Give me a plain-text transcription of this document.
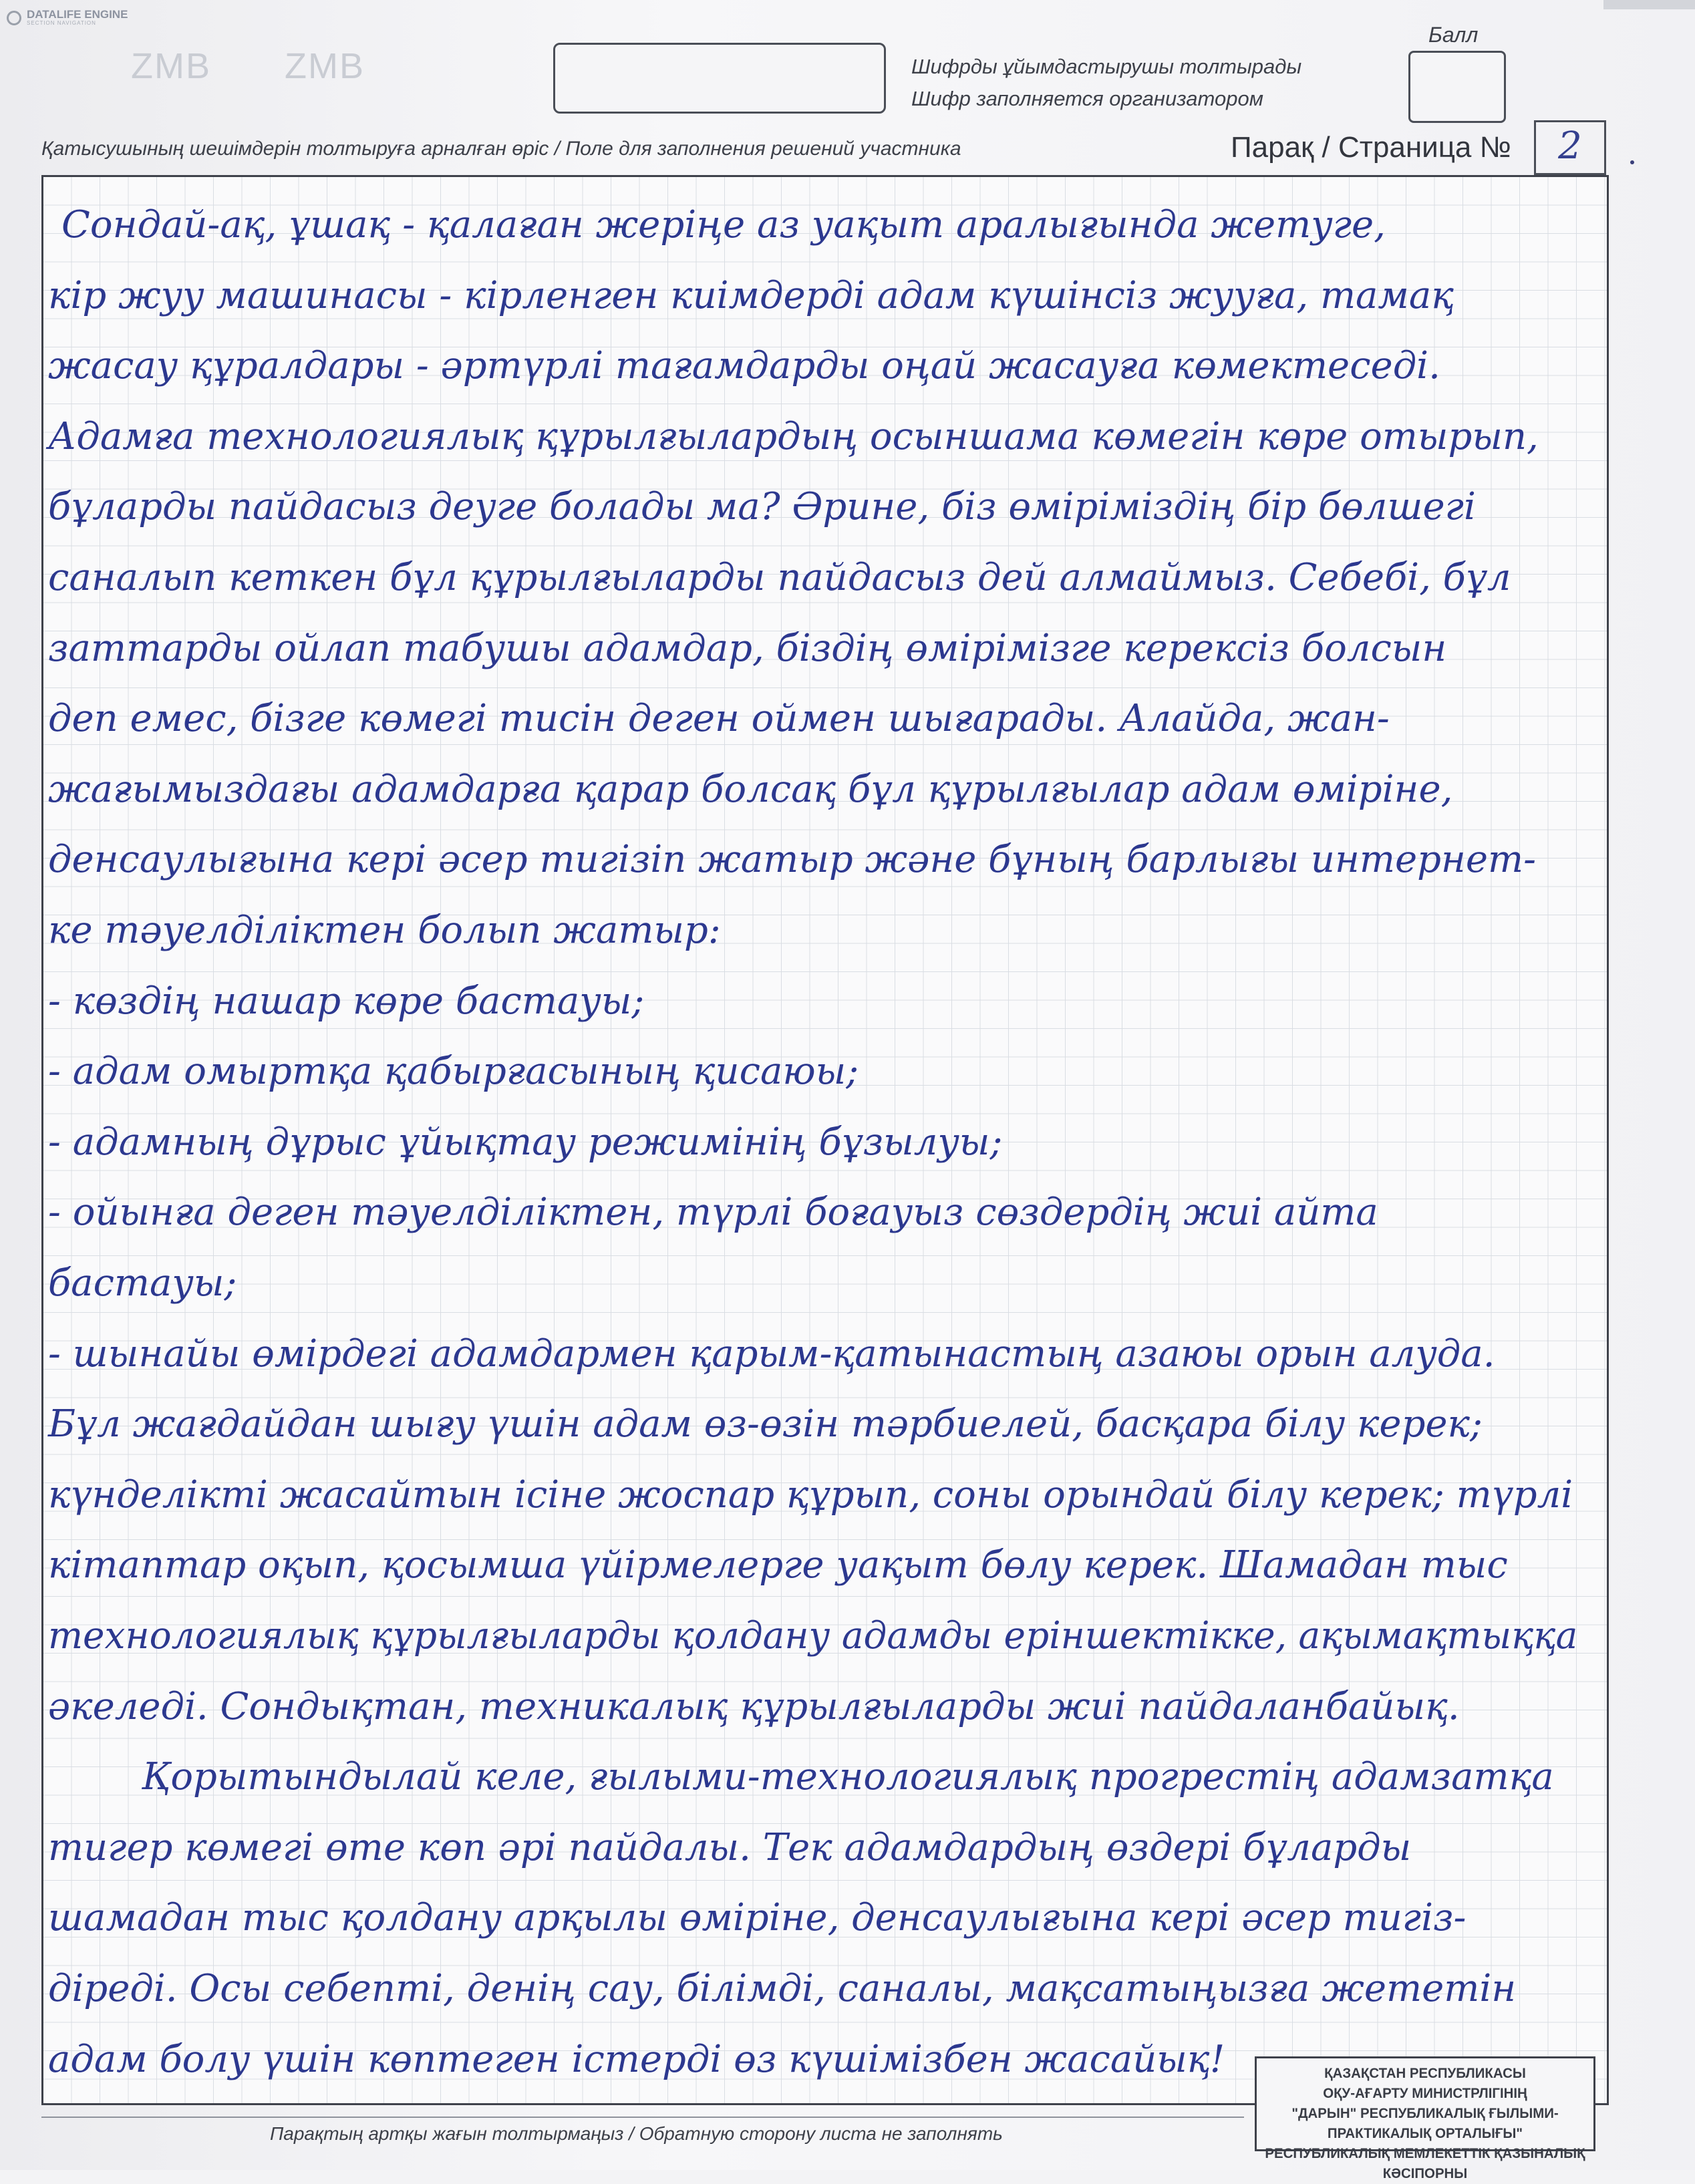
DATALIFE ENGINE
SECTION NAVIGATION
ZMB ZMB	Шифрды ұйымдастырушы толтырады
Шифр заполняется организатором
Балл
Қатысушының шешімдерін толтыруға арналған өріс / Поле для заполнения решений участника	Парақ / Страница №	2
Сондай-ақ, ұшақ - қалаған жеріңе аз уақыт аралығында жетуге,
кір жуу машинасы - кірленген киімдерді адам күшінсіз жууға, тамақ
жасау құралдары - әртүрлі тағамдарды оңай жасауға көмектеседі.
Адамға технологиялық құрылғылардың осыншама көмегін көре отырып,
бұларды пайдасыз деуге болады ма? Әрине, біз өміріміздің бір бөлшегі
саналып кеткен бұл құрылғыларды пайдасыз дей алмаймыз. Себебі, бұл
заттарды ойлап табушы адамдар, біздің өмірімізге керексіз болсын
деп емес, бізге көмегі тисін деген оймен шығарады. Алайда, жан-
жағымыздағы адамдарға қарар болсақ бұл құрылғылар адам өміріне,
денсаулығына кері әсер тигізіп жатыр және бұның барлығы интернет-
ке тәуелділіктен болып жатыр:
- көздің нашар көре бастауы;
- адам омыртқа қабырғасының қисаюы;
- адамның дұрыс ұйықтау режимінің бұзылуы;
- ойынға деген тәуелділіктен, түрлі боғауыз сөздердің жиі айта
бастауы;
- шынайы өмірдегі адамдармен қарым-қатынастың азаюы орын алуда.
Бұл жағдайдан шығу үшін адам өз-өзін тәрбиелей, басқара білу керек;
күнделікті жасайтын ісіне жоспар құрып, соны орындай білу керек; түрлі
кітаптар оқып, қосымша үйірмелерге уақыт бөлу керек. Шамадан тыс
технологиялық құрылғыларды қолдану адамды еріншектікке, ақымақтыққа
әкеледі. Сондықтан, техникалық құрылғыларды жиі пайдаланбайық.
Қорытындылай келе, ғылыми-технологиялық прогрестің адамзатқа
тигер көмегі өте көп әрі пайдалы. Тек адамдардың өздері бұларды
шамадан тыс қолдану арқылы өміріне, денсаулығына кері әсер тигіз-
діреді. Осы себепті, денің сау, білімді, саналы, мақсатыңызға жететін
адам болу үшін көптеген істерді өз күшімізбен жасайық!
Парақтың артқы жағын толтырмаңыз / Обратную сторону листа не заполнять
ҚАЗАҚСТАН РЕСПУБЛИКАСЫ
ОҚУ-АҒАРТУ МИНИСТРЛІГІНІҢ
"ДАРЫН" РЕСПУБЛИКАЛЫҚ ҒЫЛЫМИ-ПРАКТИКАЛЫҚ ОРТАЛЫҒЫ"
РЕСПУБЛИКАЛЫҚ МЕМЛЕКЕТТІК ҚАЗЫНАЛЫҚ КӘСІПОРНЫ
